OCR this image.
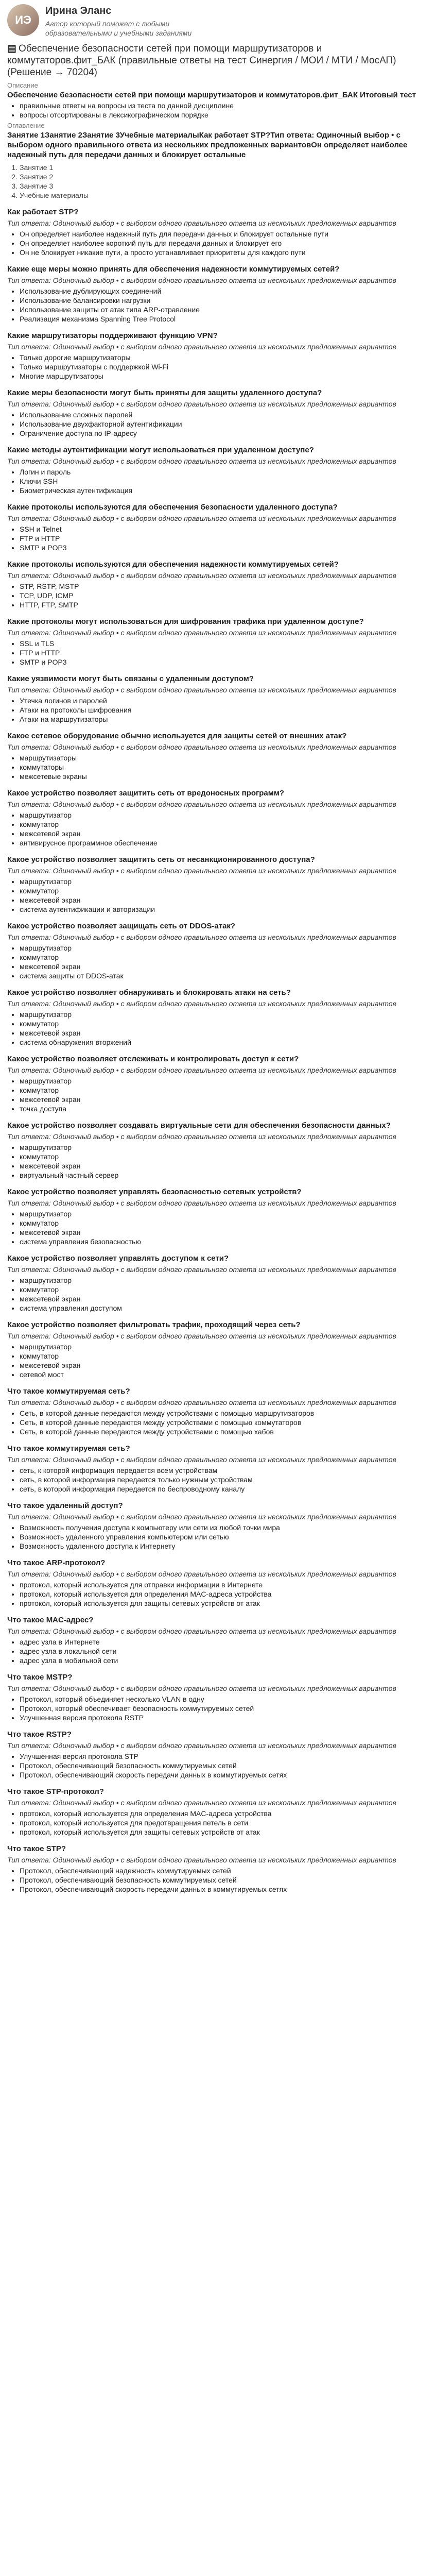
ИЭ
Ирина Эланс
Автор который поможет с любыми образовательными и учебными заданиями
▤ Обеспечение безопасности сетей при помощи маршрутизаторов и коммутаторов.фит_БАК (правильные ответы на тест Синергия / МОИ / МТИ / МосАП) (Решение → 70204)
Описание
Обеспечение безопасности сетей при помощи маршрутизаторов и коммутаторов.фит_БАК Итоговый тест
• правильные ответы на вопросы из теста по данной дисциплине
• вопросы отсортированы в лексикографическом порядке
Оглавление
Занятие 1Занятие 2Занятие 3Учебные материалыКак работает STP?Тип ответа: Одиночный выбор • с выбором одного правильного ответа из нескольких предложенных вариантовОн определяет наиболее надежный путь для передачи данных и блокирует остальные
1. Занятие 1
2. Занятие 2
3. Занятие 3
4. Учебные материалы
Как работает STP?
Тип ответа: Одиночный выбор • с выбором одного правильного ответа из нескольких предложенных вариантов
• Он определяет наиболее надежный путь для передачи данных и блокирует остальные пути
• Он определяет наиболее короткий путь для передачи данных и блокирует его
• Он не блокирует никакие пути, а просто устанавливает приоритеты для каждого пути
Какие еще меры можно принять для обеспечения надежности коммутируемых сетей?
Тип ответа: Одиночный выбор • с выбором одного правильного ответа из нескольких предложенных вариантов
• Использование дублирующих соединений
• Использование балансировки нагрузки
• Использование защиты от атак типа ARP-отравление
• Реализация механизма Spanning Tree Protocol
Какие маршрутизаторы поддерживают функцию VPN?
Тип ответа: Одиночный выбор • с выбором одного правильного ответа из нескольких предложенных вариантов
• Только дорогие маршрутизаторы
• Только маршрутизаторы с поддержкой Wi-Fi
• Многие маршрутизаторы
Какие меры безопасности могут быть приняты для защиты удаленного доступа?
Тип ответа: Одиночный выбор • с выбором одного правильного ответа из нескольких предложенных вариантов
• Использование сложных паролей
• Использование двухфакторной аутентификации
• Ограничение доступа по IP-адресу
Какие методы аутентификации могут использоваться при удаленном доступе?
Тип ответа: Одиночный выбор • с выбором одного правильного ответа из нескольких предложенных вариантов
• Логин и пароль
• Ключи SSH
• Биометрическая аутентификация
Какие протоколы используются для обеспечения безопасности удаленного доступа?
Тип ответа: Одиночный выбор • с выбором одного правильного ответа из нескольких предложенных вариантов
• SSH и Telnet
• FTP и HTTP
• SMTP и POP3
Какие протоколы используются для обеспечения надежности коммутируемых сетей?
Тип ответа: Одиночный выбор • с выбором одного правильного ответа из нескольких предложенных вариантов
• STP, RSTP, MSTP
• TCP, UDP, ICMP
• HTTP, FTP, SMTP
Какие протоколы могут использоваться для шифрования трафика при удаленном доступе?
Тип ответа: Одиночный выбор • с выбором одного правильного ответа из нескольких предложенных вариантов
• SSL и TLS
• FTP и HTTP
• SMTP и POP3
Какие уязвимости могут быть связаны с удаленным доступом?
Тип ответа: Одиночный выбор • с выбором одного правильного ответа из нескольких предложенных вариантов
• Утечка логинов и паролей
• Атаки на протоколы шифрования
• Атаки на маршрутизаторы
Какое сетевое оборудование обычно используется для защиты сетей от внешних атак?
Тип ответа: Одиночный выбор • с выбором одного правильного ответа из нескольких предложенных вариантов
• маршрутизаторы
• коммутаторы
• межсетевые экраны
Какое устройство позволяет защитить сеть от вредоносных программ?
Тип ответа: Одиночный выбор • с выбором одного правильного ответа из нескольких предложенных вариантов
• маршрутизатор
• коммутатор
• межсетевой экран
• антивирусное программное обеспечение
Какое устройство позволяет защитить сеть от несанкционированного доступа?
Тип ответа: Одиночный выбор • с выбором одного правильного ответа из нескольких предложенных вариантов
• маршрутизатор
• коммутатор
• межсетевой экран
• система аутентификации и авторизации
Какое устройство позволяет защищать сеть от DDOS-атак?
Тип ответа: Одиночный выбор • с выбором одного правильного ответа из нескольких предложенных вариантов
• маршрутизатор
• коммутатор
• межсетевой экран
• система защиты от DDOS-атак
Какое устройство позволяет обнаруживать и блокировать атаки на сеть?
Тип ответа: Одиночный выбор • с выбором одного правильного ответа из нескольких предложенных вариантов
• маршрутизатор
• коммутатор
• межсетевой экран
• система обнаружения вторжений
Какое устройство позволяет отслеживать и контролировать доступ к сети?
Тип ответа: Одиночный выбор • с выбором одного правильного ответа из нескольких предложенных вариантов
• маршрутизатор
• коммутатор
• межсетевой экран
• точка доступа
Какое устройство позволяет создавать виртуальные сети для обеспечения безопасности данных?
Тип ответа: Одиночный выбор • с выбором одного правильного ответа из нескольких предложенных вариантов
• маршрутизатор
• коммутатор
• межсетевой экран
• виртуальный частный сервер
Какое устройство позволяет управлять безопасностью сетевых устройств?
Тип ответа: Одиночный выбор • с выбором одного правильного ответа из нескольких предложенных вариантов
• маршрутизатор
• коммутатор
• межсетевой экран
• система управления безопасностью
Какое устройство позволяет управлять доступом к сети?
Тип ответа: Одиночный выбор • с выбором одного правильного ответа из нескольких предложенных вариантов
• маршрутизатор
• коммутатор
• межсетевой экран
• система управления доступом
Какое устройство позволяет фильтровать трафик, проходящий через сеть?
Тип ответа: Одиночный выбор • с выбором одного правильного ответа из нескольких предложенных вариантов
• маршрутизатор
• коммутатор
• межсетевой экран
• сетевой мост
Что такое коммутируемая сеть?
Тип ответа: Одиночный выбор • с выбором одного правильного ответа из нескольких предложенных вариантов
• Сеть, в которой данные передаются между устройствами с помощью маршрутизаторов
• Сеть, в которой данные передаются между устройствами с помощью коммутаторов
• Сеть, в которой данные передаются между устройствами с помощью хабов
Что такое коммутируемая сеть?
Тип ответа: Одиночный выбор • с выбором одного правильного ответа из нескольких предложенных вариантов
• сеть, к которой информация передается всем устройствам
• сеть, в которой информация передается только нужным устройствам
• сеть, в которой информация передается по беспроводному каналу
Что такое удаленный доступ?
Тип ответа: Одиночный выбор • с выбором одного правильного ответа из нескольких предложенных вариантов
• Возможность получения доступа к компьютеру или сети из любой точки мира
• Возможность удаленного управления компьютером или сетью
• Возможность удаленного доступа к Интернету
Что такое ARP-протокол?
Тип ответа: Одиночный выбор • с выбором одного правильного ответа из нескольких предложенных вариантов
• протокол, который используется для отправки информации в Интернете
• протокол, который используется для определения MAC-адреса устройства
• протокол, который используется для защиты сетевых устройств от атак
Что такое MAC-адрес?
Тип ответа: Одиночный выбор • с выбором одного правильного ответа из нескольких предложенных вариантов
• адрес узла в Интернете
• адрес узла в локальной сети
• адрес узла в мобильной сети
Что такое MSTP?
Тип ответа: Одиночный выбор • с выбором одного правильного ответа из нескольких предложенных вариантов
• Протокол, который объединяет несколько VLAN в одну
• Протокол, который обеспечивает безопасность коммутируемых сетей
• Улучшенная версия протокола RSTP
Что такое RSTP?
Тип ответа: Одиночный выбор • с выбором одного правильного ответа из нескольких предложенных вариантов
• Улучшенная версия протокола STP
• Протокол, обеспечивающий безопасность коммутируемых сетей
• Протокол, обеспечивающий скорость передачи данных в коммутируемых сетях
Что такое STP-протокол?
Тип ответа: Одиночный выбор • с выбором одного правильного ответа из нескольких предложенных вариантов
• протокол, который используется для определения MAC-адреса устройства
• протокол, который используется для предотвращения петель в сети
• протокол, который используется для защиты сетевых устройств от атак
Что такое STP?
Тип ответа: Одиночный выбор • с выбором одного правильного ответа из нескольких предложенных вариантов
• Протокол, обеспечивающий надежность коммутируемых сетей
• Протокол, обеспечивающий безопасность коммутируемых сетей
• Протокол, обеспечивающий скорость передачи данных в коммутируемых сетях
